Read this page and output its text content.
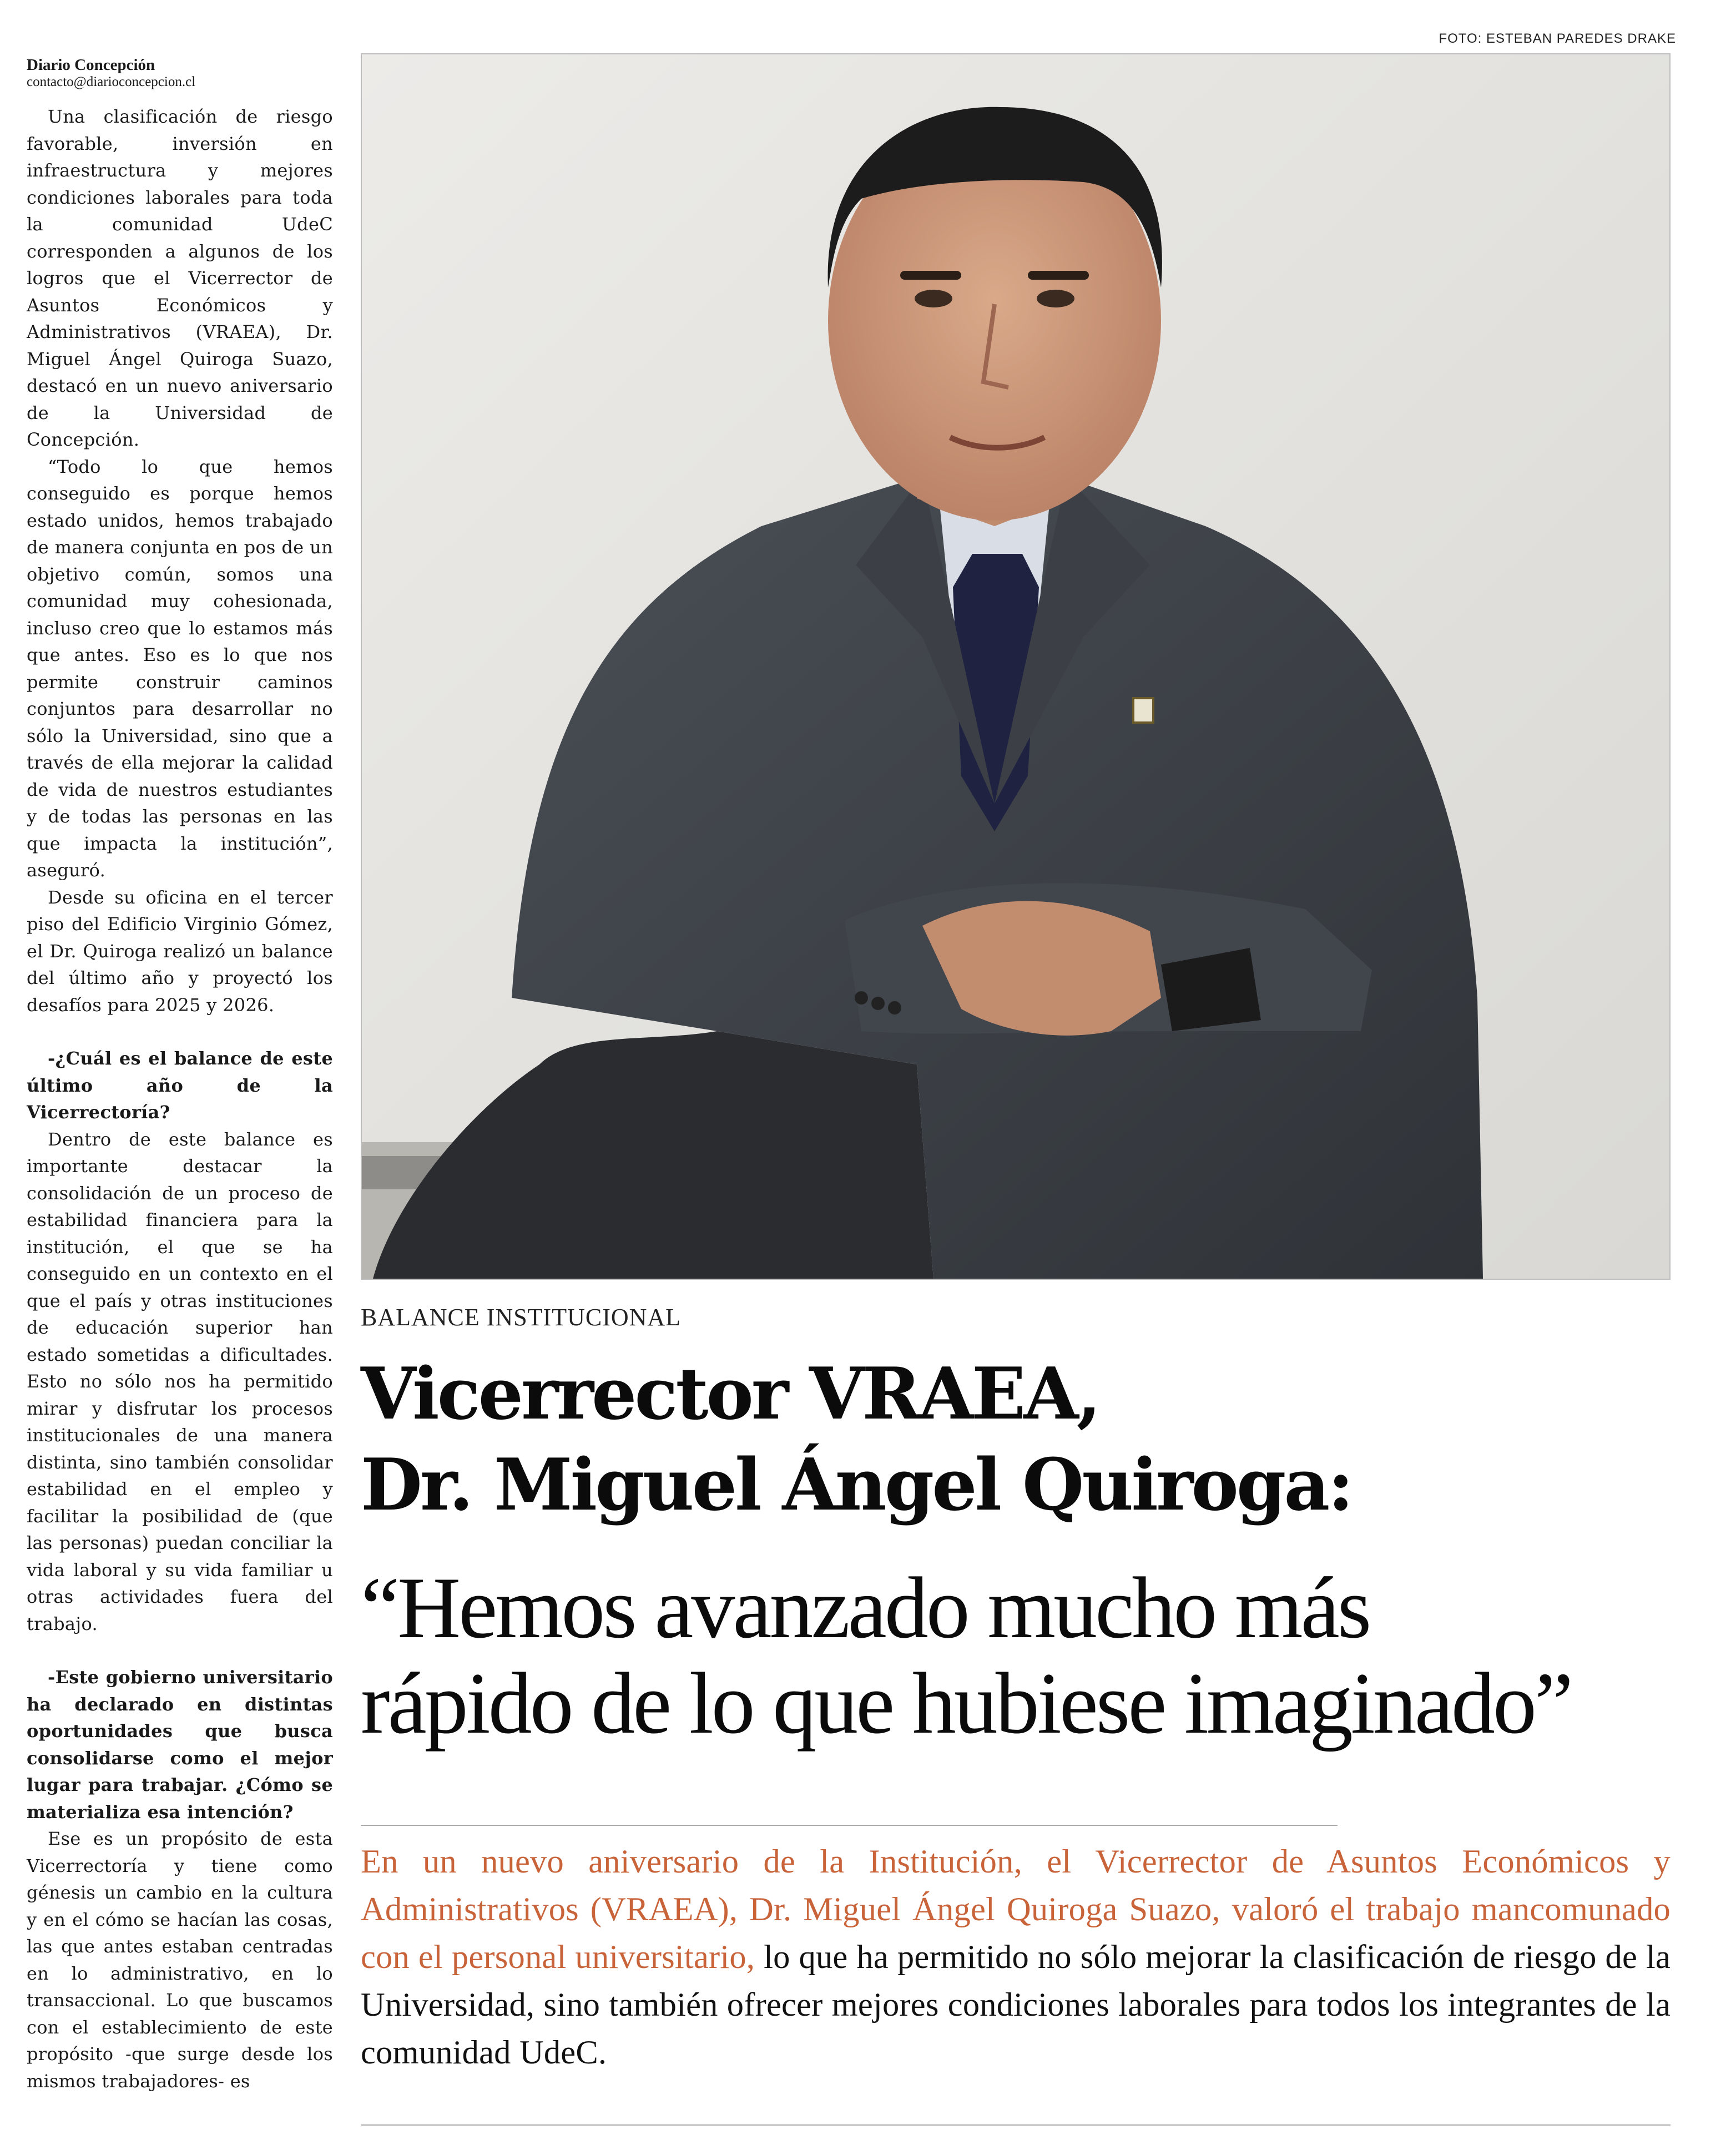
FOTO: ESTEBAN PAREDES DRAKE
Diario Concepción
contacto@diarioconcepcion.cl

Una clasificación de riesgo favorable, inversión en infraestructura y mejores condiciones laborales para toda la comunidad UdeC corresponden a algunos de los logros que el Vicerrector de Asuntos Económicos y Administrativos (VRAEA), Dr. Miguel Ángel Quiroga Suazo, destacó en un nuevo aniversario de la Universidad de Concepción.

“Todo lo que hemos conseguido es porque hemos estado unidos, hemos trabajado de manera conjunta en pos de un objetivo común, somos una comunidad muy cohesionada, incluso creo que lo estamos más que antes. Eso es lo que nos permite construir caminos conjuntos para desarrollar no sólo la Universidad, sino que a través de ella mejorar la calidad de vida de nuestros estudiantes y de todas las personas en las que impacta la institución”, aseguró.

Desde su oficina en el tercer piso del Edificio Virginio Gómez, el Dr. Quiroga realizó un balance del último año y proyectó los desafíos para 2025 y 2026.

-¿Cuál es el balance de este último año de la Vicerrectoría?

Dentro de este balance es importante destacar la consolidación de un proceso de estabilidad financiera para la institución, el que se ha conseguido en un contexto en el que el país y otras instituciones de educación superior han estado sometidas a dificultades. Esto no sólo nos ha permitido mirar y disfrutar los procesos institucionales de una manera distinta, sino también consolidar estabilidad en el empleo y facilitar la posibilidad de (que las personas) puedan conciliar la vida laboral y su vida familiar u otras actividades fuera del trabajo.

-Este gobierno universitario ha declarado en distintas oportunidades que busca consolidarse como el mejor lugar para trabajar. ¿Cómo se materializa esa intención?

Ese es un propósito de esta Vicerrectoría y tiene como génesis un cambio en la cultura y en el cómo se hacían las cosas, las que antes estaban centradas en lo administrativo, en lo transaccional. Lo que buscamos con el establecimiento de este propósito -que surge desde los mismos trabajadores- es

BALANCE INSTITUCIONAL
Vicerrector VRAEA,
Dr. Miguel Ángel Quiroga:
“Hemos avanzado mucho más
rápido de lo que hubiese imaginado”
En un nuevo aniversario de la Institución, el Vicerrector de Asuntos Económicos y Administrativos (VRAEA), Dr. Miguel Ángel Quiroga Suazo, valoró el trabajo mancomunado con el personal universitario, lo que ha permitido no sólo mejorar la clasificación de riesgo de la Universidad, sino también ofrecer mejores condiciones laborales para todos los integrantes de la comunidad UdeC.
